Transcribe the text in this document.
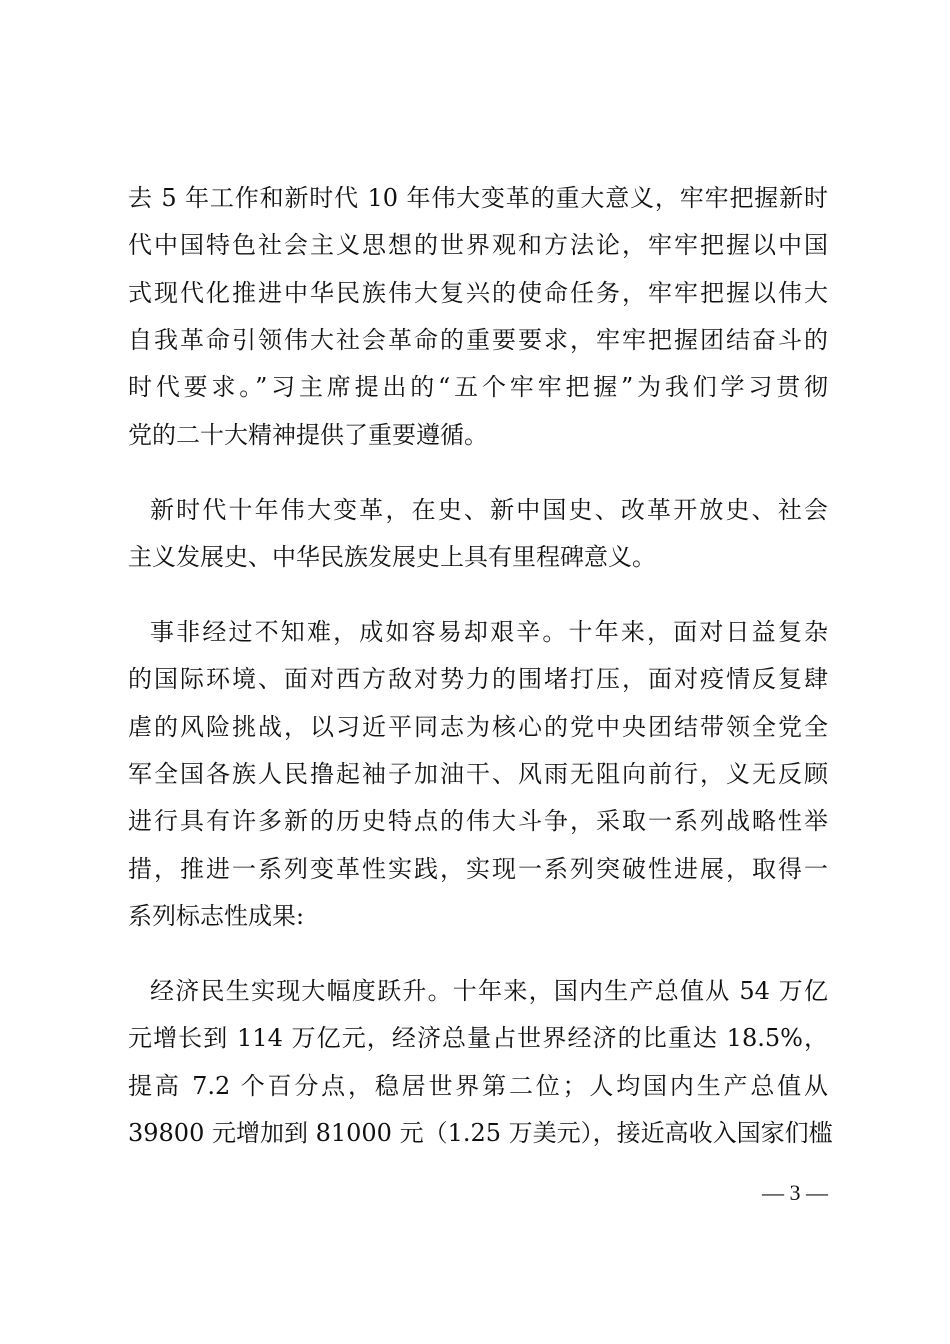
去 5 年工作和新时代 10 年伟大变革的重大意义，牢牢把握新时
代中国特色社会主义思想的世界观和方法论，牢牢把握以中国
式现代化推进中华民族伟大复兴的使命任务，牢牢把握以伟大
自我革命引领伟大社会革命的重要要求，牢牢把握团结奋斗的
时代要求。”习主席提出的“五个牢牢把握”为我们学习贯彻
党的二十大精神提供了重要遵循。
新时代十年伟大变革，在史、新中国史、改革开放史、社会
主义发展史、中华民族发展史上具有里程碑意义。
事非经过不知难，成如容易却艰辛。十年来，面对日益复杂
的国际环境、面对西方敌对势力的围堵打压，面对疫情反复肆
虐的风险挑战，以习近平同志为核心的党中央团结带领全党全
军全国各族人民撸起袖子加油干、风雨无阻向前行，义无反顾
进行具有许多新的历史特点的伟大斗争，采取一系列战略性举
措，推进一系列变革性实践，实现一系列突破性进展，取得一
系列标志性成果:
经济民生实现大幅度跃升。十年来，国内生产总值从 54 万亿
元增长到 114 万亿元，经济总量占世界经济的比重达 18.5%，
提高 7.2 个百分点，稳居世界第二位；人均国内生产总值从
39800 元增加到 81000 元（1.25 万美元），接近高收入国家们槛
— 3 —
